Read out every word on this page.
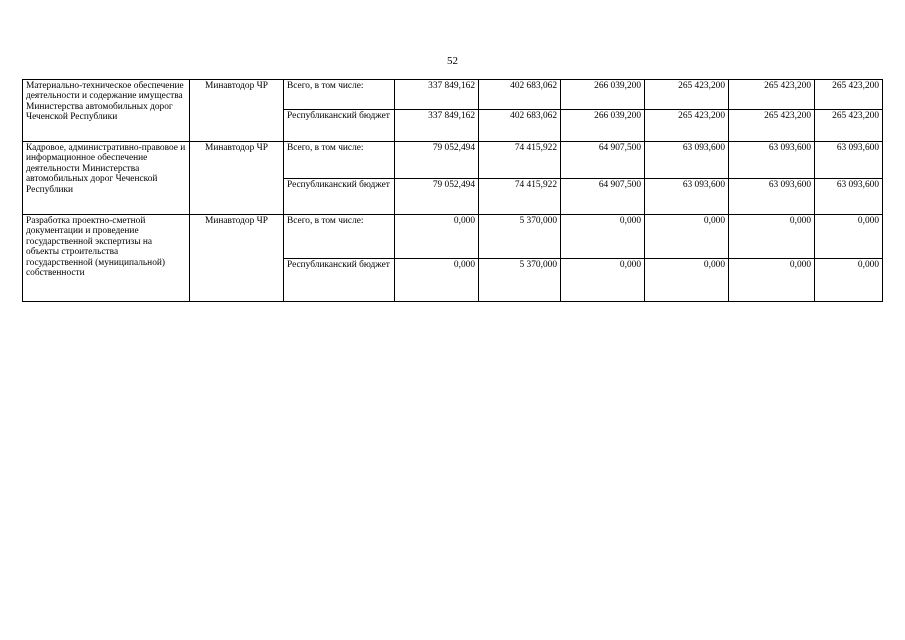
52
Материально-техническое обеспечение деятельности и содержание имущества Министерства автомобильных дорог Чеченской Республики	Минавтодор ЧР	Всего, в том числе:	337 849,162	402 683,062	266 039,200	265 423,200	265 423,200	265 423,200
		Республиканский бюджет	337 849,162	402 683,062	266 039,200	265 423,200	265 423,200	265 423,200
Кадровое, административно-правовое и информационное обеспечение деятельности Министерства автомобильных дорог Чеченской Республики	Минавтодор ЧР	Всего, в том числе:	79 052,494	74 415,922	64 907,500	63 093,600	63 093,600	63 093,600
		Республиканский бюджет	79 052,494	74 415,922	64 907,500	63 093,600	63 093,600	63 093,600
Разработка проектно-сметной документации и проведение государственной экспертизы на объекты строительства государственной (муниципальной) собственности	Минавтодор ЧР	Всего, в том числе:	0,000	5 370,000	0,000	0,000	0,000	0,000
		Республиканский бюджет	0,000	5 370,000	0,000	0,000	0,000	0,000
